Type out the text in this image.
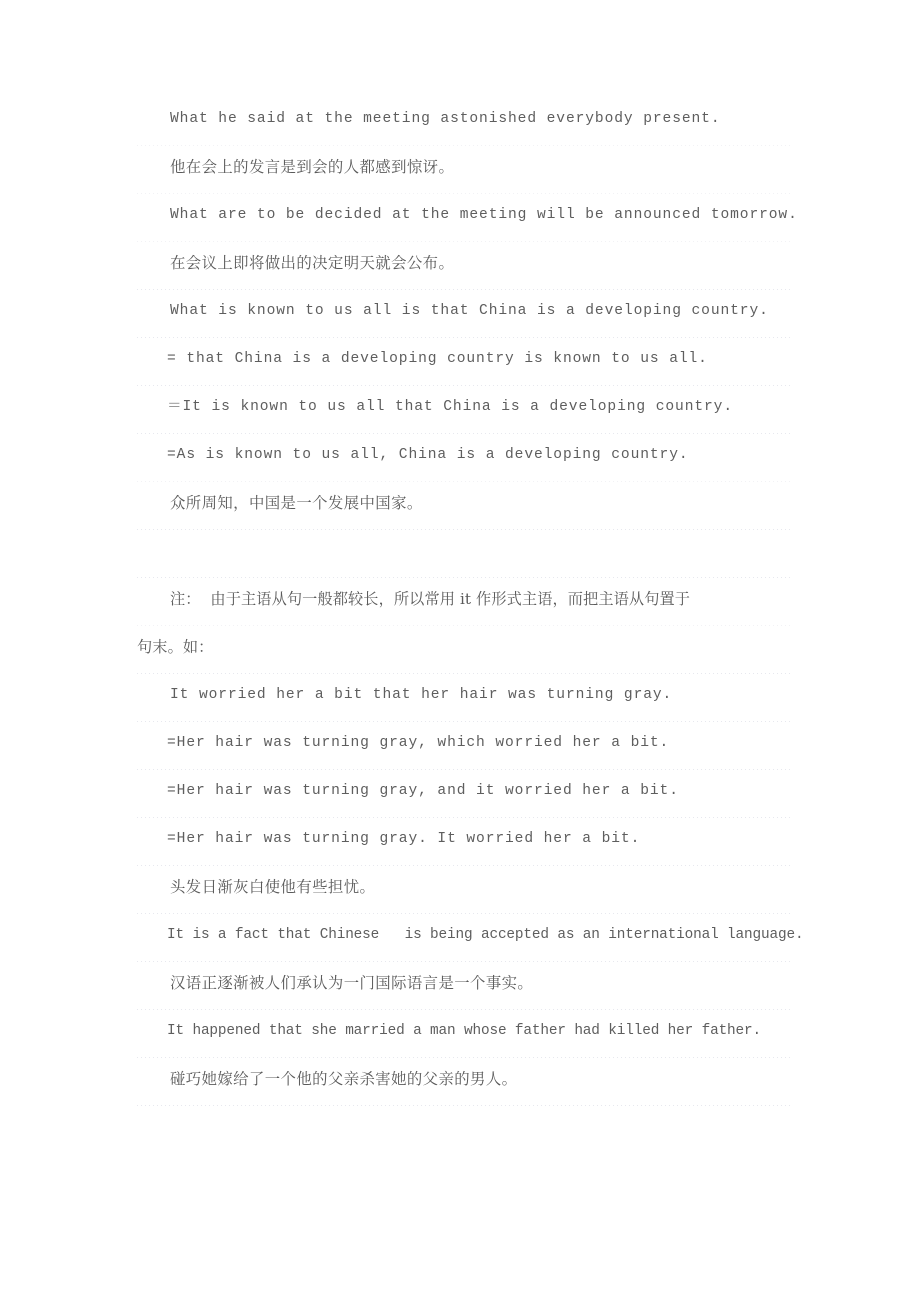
What he said at the meeting astonished everybody present.
他在会上的发言是到会的人都感到惊讶。
What are to be decided at the meeting will be announced tomorrow.
在会议上即将做出的决定明天就会公布。
What is known to us all is that China is a developing country.
= that China is a developing country is known to us all.
＝It is known to us all that China is a developing country.
=As is known to us all, China is a developing country.
众所周知，中国是一个发展中国家。
注：  由于主语从句一般都较长，所以常用 it 作形式主语，而把主语从句置于
句末。如：
It worried her a bit that her hair was turning gray.
=Her hair was turning gray, which worried her a bit.
=Her hair was turning gray, and it worried her a bit.
=Her hair was turning gray. It worried her a bit.
头发日渐灰白使他有些担忧。
It is a fact that Chinese   is being accepted as an international language.
汉语正逐渐被人们承认为一门国际语言是一个事实。
It happened that she married a man whose father had killed her father.
碰巧她嫁给了一个他的父亲杀害她的父亲的男人。
